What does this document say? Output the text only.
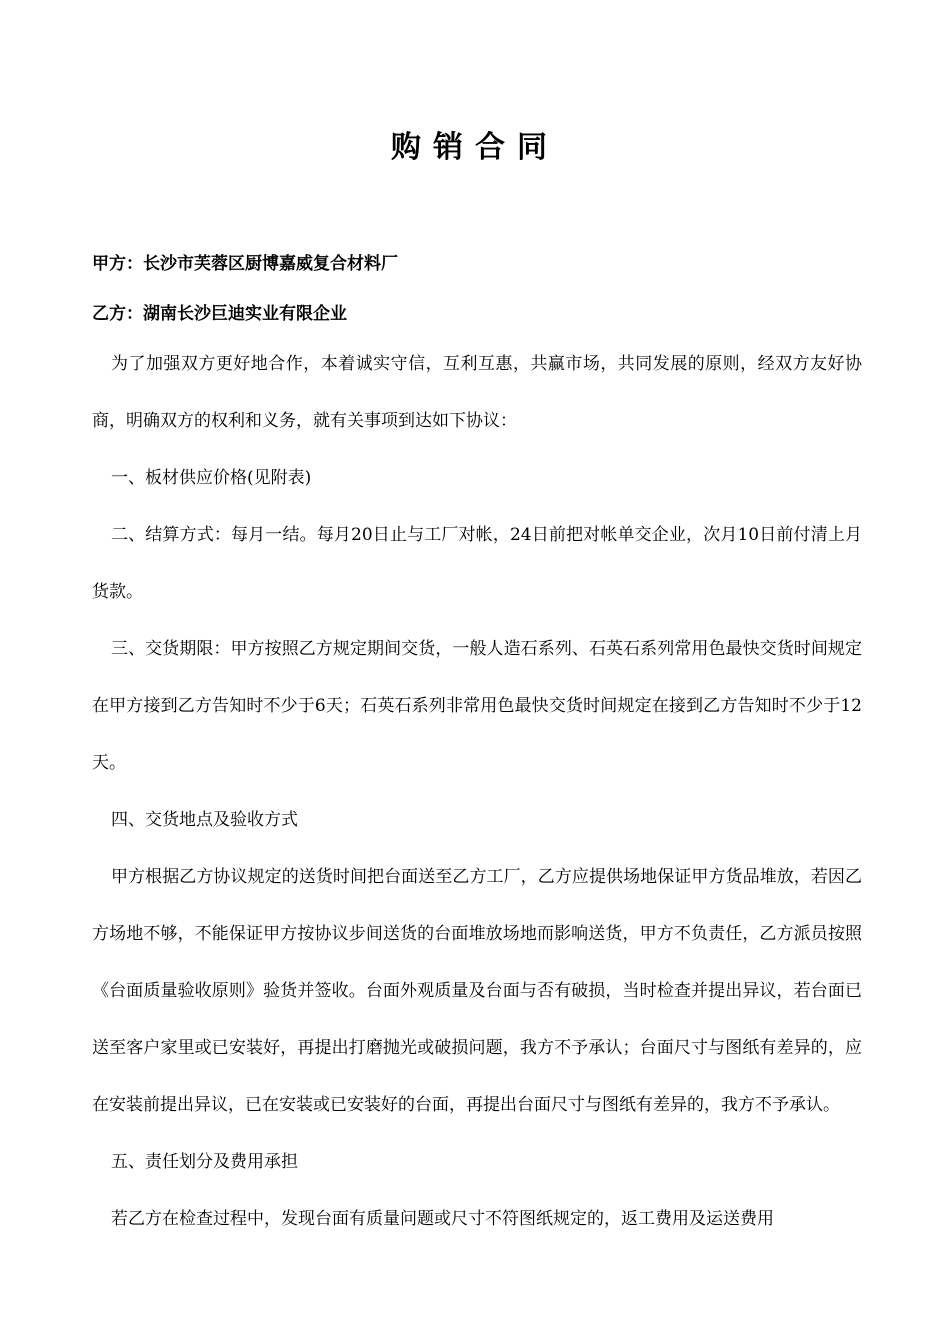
购销合同
甲方：长沙市芙蓉区厨博嘉威复合材料厂
乙方：湖南长沙巨迪实业有限企业

为了加强双方更好地合作，本着诚实守信，互利互惠，共赢市场，共同发展的原则，经双方友好协商，明确双方的权利和义务，就有关事项到达如下协议：

一、板材供应价格(见附表)

二、结算方式：每月一结。每月20日止与工厂对帐，24日前把对帐单交企业，次月10日前付清上月货款。

三、交货期限：甲方按照乙方规定期间交货，一般人造石系列、石英石系列常用色最快交货时间规定在甲方接到乙方告知时不少于6天；石英石系列非常用色最快交货时间规定在接到乙方告知时不少于12天。

四、交货地点及验收方式

甲方根据乙方协议规定的送货时间把台面送至乙方工厂，乙方应提供场地保证甲方货品堆放，若因乙方场地不够，不能保证甲方按协议步间送货的台面堆放场地而影响送货，甲方不负责任，乙方派员按照《台面质量验收原则》验货并签收。台面外观质量及台面与否有破损，当时检查并提出异议，若台面已送至客户家里或已安装好，再提出打磨抛光或破损问题，我方不予承认；台面尺寸与图纸有差异的，应在安装前提出异议，已在安装或已安装好的台面，再提出台面尺寸与图纸有差异的，我方不予承认。

五、责任划分及费用承担

若乙方在检查过程中，发现台面有质量问题或尺寸不符图纸规定的，返工费用及运送费用
